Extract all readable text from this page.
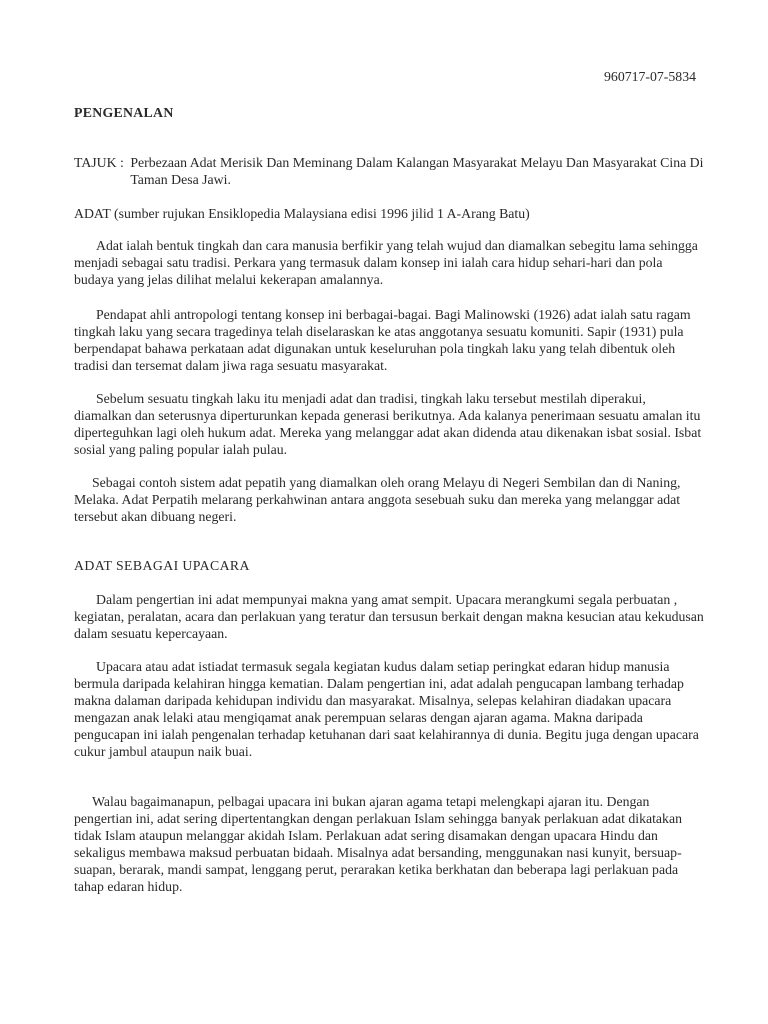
960717-07-5834
PENGENALAN
TAJUK : Perbezaan Adat Merisik Dan Meminang Dalam Kalangan Masyarakat Melayu Dan Masyarakat Cina Di Taman Desa Jawi.
ADAT (sumber rujukan Ensiklopedia Malaysiana edisi 1996 jilid 1 A-Arang Batu)

Adat ialah bentuk tingkah dan cara manusia berfikir yang telah wujud dan diamalkan sebegitu lama sehingga menjadi sebagai satu tradisi. Perkara yang termasuk dalam konsep ini ialah cara hidup sehari-hari dan pola budaya yang jelas dilihat melalui kekerapan amalannya.

Pendapat ahli antropologi tentang konsep ini berbagai-bagai. Bagi Malinowski (1926) adat ialah satu ragam tingkah laku yang secara tragedinya telah diselaraskan ke atas anggotanya sesuatu komuniti. Sapir (1931) pula berpendapat bahawa perkataan adat digunakan untuk keseluruhan pola tingkah laku yang telah dibentuk oleh tradisi dan tersemat dalam jiwa raga sesuatu masyarakat.

Sebelum sesuatu tingkah laku itu menjadi adat dan tradisi, tingkah laku tersebut mestilah diperakui, diamalkan dan seterusnya diperturunkan kepada generasi berikutnya. Ada kalanya penerimaan sesuatu amalan itu diperteguhkan lagi oleh hukum adat. Mereka yang melanggar adat akan didenda atau dikenakan isbat sosial. Isbat sosial yang paling popular ialah pulau.

Sebagai contoh sistem adat pepatih yang diamalkan oleh orang Melayu di Negeri Sembilan dan di Naning, Melaka. Adat Perpatih melarang perkahwinan antara anggota sesebuah suku dan mereka yang melanggar adat tersebut akan dibuang negeri.

ADAT SEBAGAI UPACARA

Dalam pengertian ini adat mempunyai makna yang amat sempit. Upacara merangkumi segala perbuatan , kegiatan, peralatan, acara dan perlakuan yang teratur dan tersusun berkait dengan makna kesucian atau kekudusan dalam sesuatu kepercayaan.

Upacara atau adat istiadat termasuk segala kegiatan kudus dalam setiap peringkat edaran hidup manusia bermula daripada kelahiran hingga kematian. Dalam pengertian ini, adat adalah pengucapan lambang terhadap makna dalaman daripada kehidupan individu dan masyarakat. Misalnya, selepas kelahiran diadakan upacara mengazan anak lelaki atau mengiqamat anak perempuan selaras dengan ajaran agama. Makna daripada pengucapan ini ialah pengenalan terhadap ketuhanan dari saat kelahirannya di dunia. Begitu juga dengan upacara cukur jambul ataupun naik buai.

Walau bagaimanapun, pelbagai upacara ini bukan ajaran agama tetapi melengkapi ajaran itu. Dengan pengertian ini, adat sering dipertentangkan dengan perlakuan Islam sehingga banyak perlakuan adat dikatakan tidak Islam ataupun melanggar akidah Islam. Perlakuan adat sering disamakan dengan upacara Hindu dan sekaligus membawa maksud perbuatan bidaah. Misalnya adat bersanding, menggunakan nasi kunyit, bersuap-suapan, berarak, mandi sampat, lenggang perut, perarakan ketika berkhatan dan beberapa lagi perlakuan pada tahap edaran hidup.
